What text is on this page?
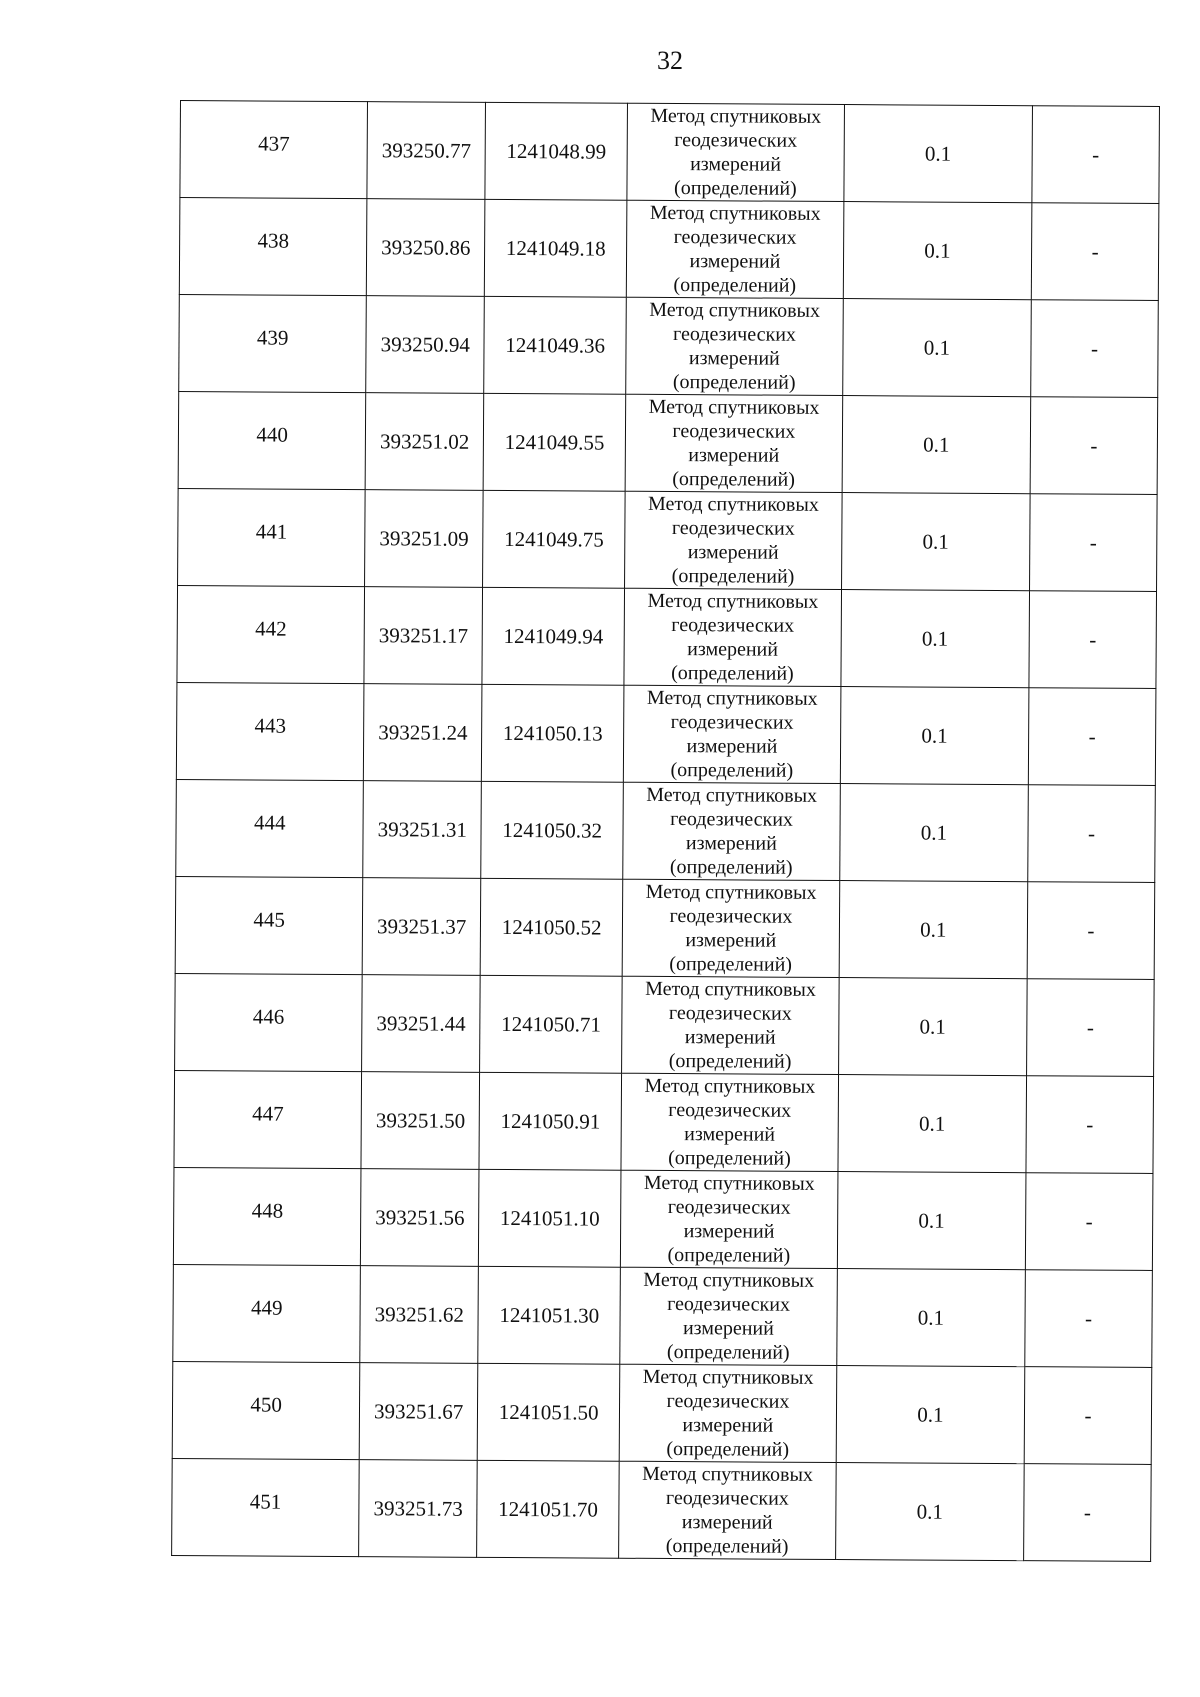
32
437	393250.77	1241048.99	Метод спутниковых
геодезических
измерений
(определений)	0.1	-
438	393250.86	1241049.18	Метод спутниковых
геодезических
измерений
(определений)	0.1	-
439	393250.94	1241049.36	Метод спутниковых
геодезических
измерений
(определений)	0.1	-
440	393251.02	1241049.55	Метод спутниковых
геодезических
измерений
(определений)	0.1	-
441	393251.09	1241049.75	Метод спутниковых
геодезических
измерений
(определений)	0.1	-
442	393251.17	1241049.94	Метод спутниковых
геодезических
измерений
(определений)	0.1	-
443	393251.24	1241050.13	Метод спутниковых
геодезических
измерений
(определений)	0.1	-
444	393251.31	1241050.32	Метод спутниковых
геодезических
измерений
(определений)	0.1	-
445	393251.37	1241050.52	Метод спутниковых
геодезических
измерений
(определений)	0.1	-
446	393251.44	1241050.71	Метод спутниковых
геодезических
измерений
(определений)	0.1	-
447	393251.50	1241050.91	Метод спутниковых
геодезических
измерений
(определений)	0.1	-
448	393251.56	1241051.10	Метод спутниковых
геодезических
измерений
(определений)	0.1	-
449	393251.62	1241051.30	Метод спутниковых
геодезических
измерений
(определений)	0.1	-
450	393251.67	1241051.50	Метод спутниковых
геодезических
измерений
(определений)	0.1	-
451	393251.73	1241051.70	Метод спутниковых
геодезических
измерений
(определений)	0.1	-
